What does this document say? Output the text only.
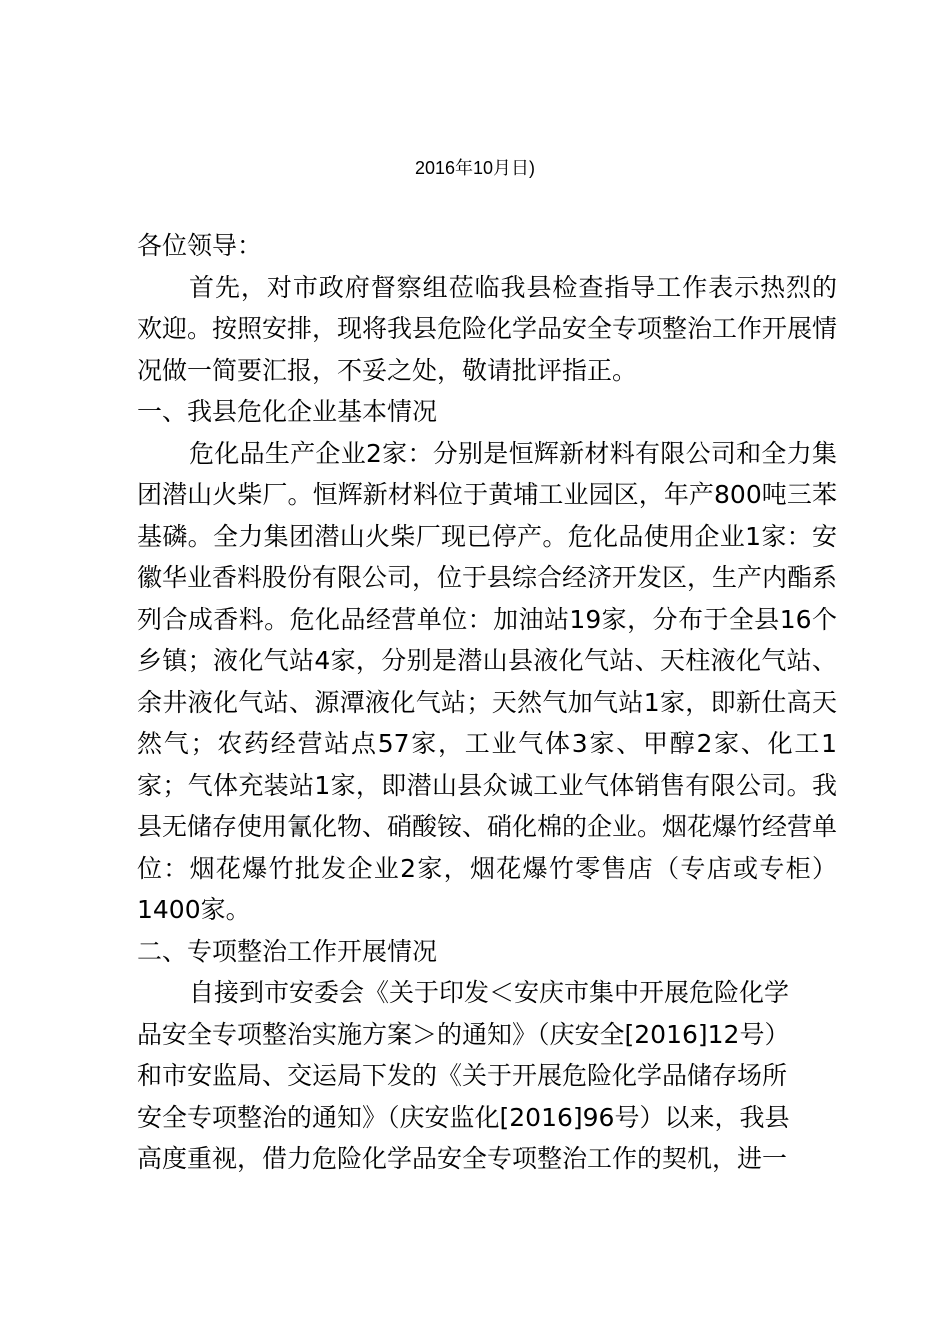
2016年10月日)

各位领导：

首先，对市政府督察组莅临我县检查指导工作表示热烈的欢迎。按照安排，现将我县危险化学品安全专项整治工作开展情况做一简要汇报，不妥之处，敬请批评指正。

一、我县危化企业基本情况

危化品生产企业2家：分别是恒辉新材料有限公司和全力集团潜山火柴厂。恒辉新材料位于黄埔工业园区，年产800吨三苯基磷。全力集团潜山火柴厂现已停产。危化品使用企业1家：安徽华业香料股份有限公司，位于县综合经济开发区，生产内酯系列合成香料。危化品经营单位：加油站19家，分布于全县16个乡镇；液化气站4家，分别是潜山县液化气站、天柱液化气站、余井液化气站、源潭液化气站；天然气加气站1家，即新仕高天然气；农药经营站点57家，工业气体3家、甲醇2家、化工1家；气体充装站1家，即潜山县众诚工业气体销售有限公司。我县无储存使用氰化物、硝酸铵、硝化棉的企业。烟花爆竹经营单位：烟花爆竹批发企业2家，烟花爆竹零售店（专店或专柜）1400家。

二、专项整治工作开展情况

自接到市安委会《关于印发＜安庆市集中开展危险化学
品安全专项整治实施方案＞的通知》（庆安全[2016]12号）
和市安监局、交运局下发的《关于开展危险化学品储存场所
安全专项整治的通知》（庆安监化[2016]96号）以来，我县
高度重视，借力危险化学品安全专项整治工作的契机，进一
